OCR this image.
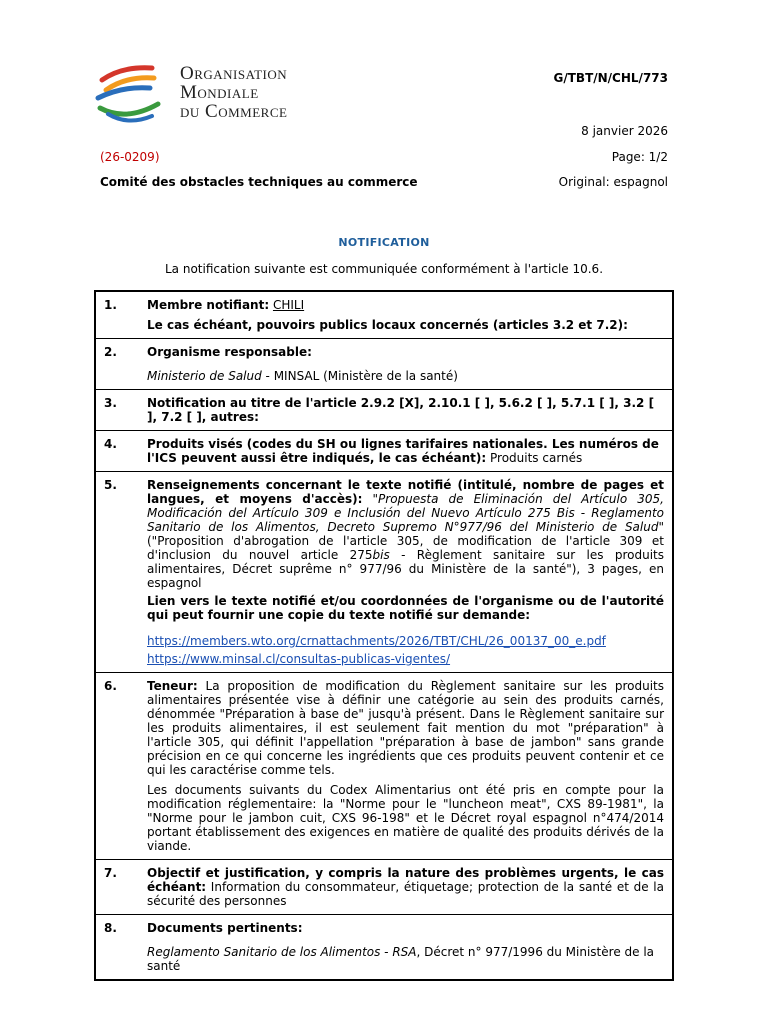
Organisation
Mondiale
du Commerce
G/TBT/N/CHL/773
8 janvier 2026
(26-0209)	Page: 1/2
Comité des obstacles techniques au commerce	Original: espagnol
NOTIFICATION
La notification suivante est communiquée conformément à l'article 10.6.
1.	Membre notifiant: CHILI

Le cas échéant, pouvoirs publics locaux concernés (articles 3.2 et 7.2):

2.	Organisme responsable:

Ministerio de Salud - MINSAL (Ministère de la santé)

3.	Notification au titre de l'article 2.9.2 [X], 2.10.1 [ ], 5.6.2 [ ], 5.7.1 [ ], 3.2 [ ], 7.2 [ ], autres:

4.	Produits visés (codes du SH ou lignes tarifaires nationales. Les numéros de l'ICS peuvent aussi être indiqués, le cas échéant): Produits carnés

5.	Renseignements concernant le texte notifié (intitulé, nombre de pages et langues, et moyens d'accès): "Propuesta de Eliminación del Artículo 305, Modificación del Artículo 309 e Inclusión del Nuevo Artículo 275 Bis - Reglamento Sanitario de los Alimentos, Decreto Supremo N°977/96 del Ministerio de Salud" ("Proposition d'abrogation de l'article 305, de modification de l'article 309 et d'inclusion du nouvel article 275bis - Règlement sanitaire sur les produits alimentaires, Décret suprême n° 977/96 du Ministère de la santé"), 3 pages, en espagnol

Lien vers le texte notifié et/ou coordonnées de l'organisme ou de l'autorité qui peut fournir une copie du texte notifié sur demande:

https://members.wto.org/crnattachments/2026/TBT/CHL/26_00137_00_e.pdf

https://www.minsal.cl/consultas-publicas-vigentes/

6.	Teneur: La proposition de modification du Règlement sanitaire sur les produits alimentaires présentée vise à définir une catégorie au sein des produits carnés, dénommée "Préparation à base de" jusqu'à présent. Dans le Règlement sanitaire sur les produits alimentaires, il est seulement fait mention du mot "préparation" à l'article 305, qui définit l'appellation "préparation à base de jambon" sans grande précision en ce qui concerne les ingrédients que ces produits peuvent contenir et ce qui les caractérise comme tels.

Les documents suivants du Codex Alimentarius ont été pris en compte pour la modification réglementaire: la "Norme pour le "luncheon meat", CXS 89-1981", la "Norme pour le jambon cuit, CXS 96-198" et le Décret royal espagnol n°474/2014 portant établissement des exigences en matière de qualité des produits dérivés de la viande.

7.	Objectif et justification, y compris la nature des problèmes urgents, le cas échéant: Information du consommateur, étiquetage; protection de la santé et de la sécurité des personnes

8.	Documents pertinents:

Reglamento Sanitario de los Alimentos - RSA, Décret n° 977/1996 du Ministère de la santé
